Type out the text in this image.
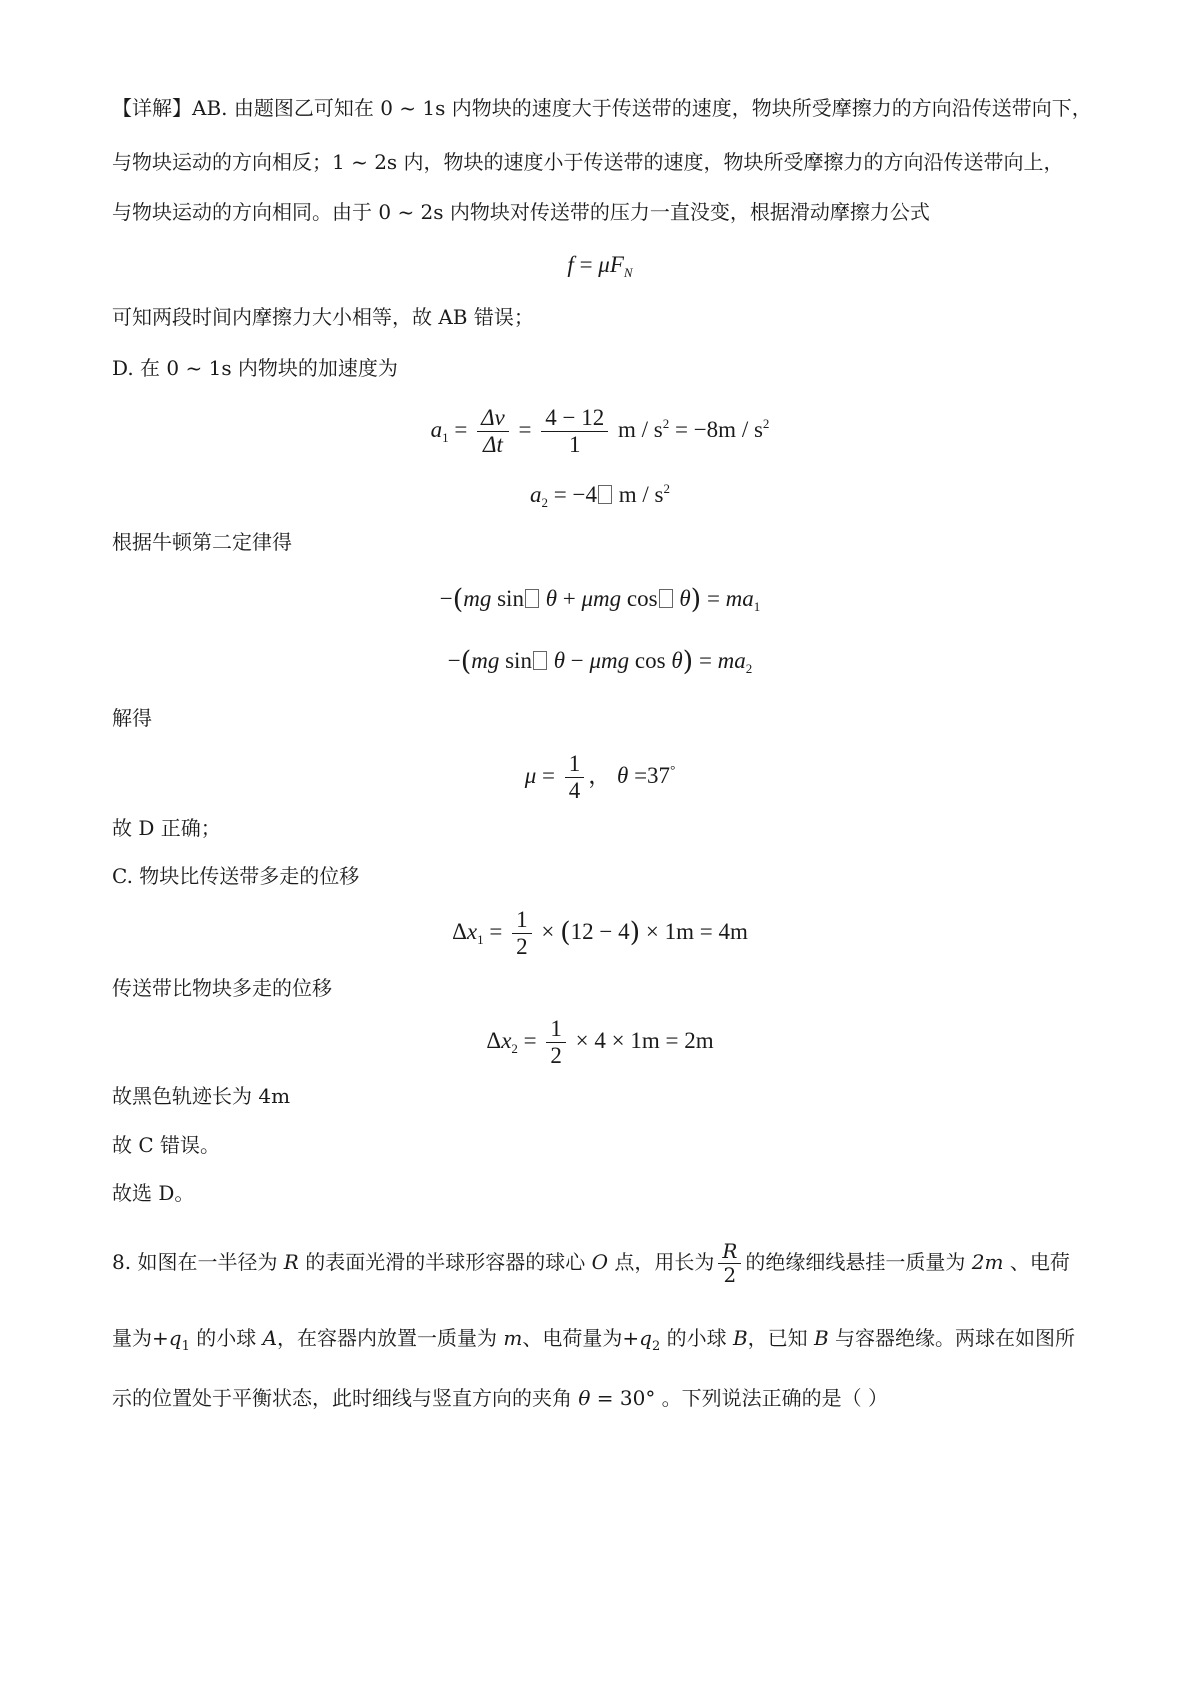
【详解】AB. 由题图乙可知在 0 ~ 1s 内物块的速度大于传送带的速度，物块所受摩擦力的方向沿传送带向下，
与物块运动的方向相反；1 ~ 2s 内，物块的速度小于传送带的速度，物块所受摩擦力的方向沿传送带向上，
与物块运动的方向相同。由于 0 ~ 2s 内物块对传送带的压力一直没变，根据滑动摩擦力公式
$f = \mu F_N$
可知两段时间内摩擦力大小相等，故 AB 错误；
D. 在 0 ~ 1s 内物块的加速度为
$a_1 = \frac{\Delta v}{\Delta t} = \frac{4 - 12}{1}$ $m / s^2 = -8m / s^2$
$a_2 = -4$ m / $s^2$
根据牛顿第二定律得
−(mg sin θ + μmg $\cos \theta) = ma_1$
−(mg sin θ − μmg $\cos \theta) = ma_2$
解得
$\mu = \frac{1}{4}$ ， θ =37°
故 D 正确；
C. 物块比传送带多走的位移
$\Delta x_1 = \frac{1}{2} \times (12 - 4) \times 1m = 4m$
传送带比物块多走的位移
$\Delta x_2 = \frac{1}{2} \times 4 \times 1m = 2m$
故黑色轨迹长为 4m
故 C 错误。
故选 D。
8. 如图在一半径为 R 的表面光滑的半球形容器的球心 O 点，用长为 $\frac{R}{2}$ 的绝缘细线悬挂一质量为 2m 、电荷
量为$+q_1$ 的小球 A，在容器内放置一质量为 m、电荷量为$+q_2$ 的小球 B，已知 B 与容器绝缘。两球在如图所
示的位置处于平衡状态，此时细线与竖直方向的夹角 θ = 30° 。下列说法正确的是（ ）
